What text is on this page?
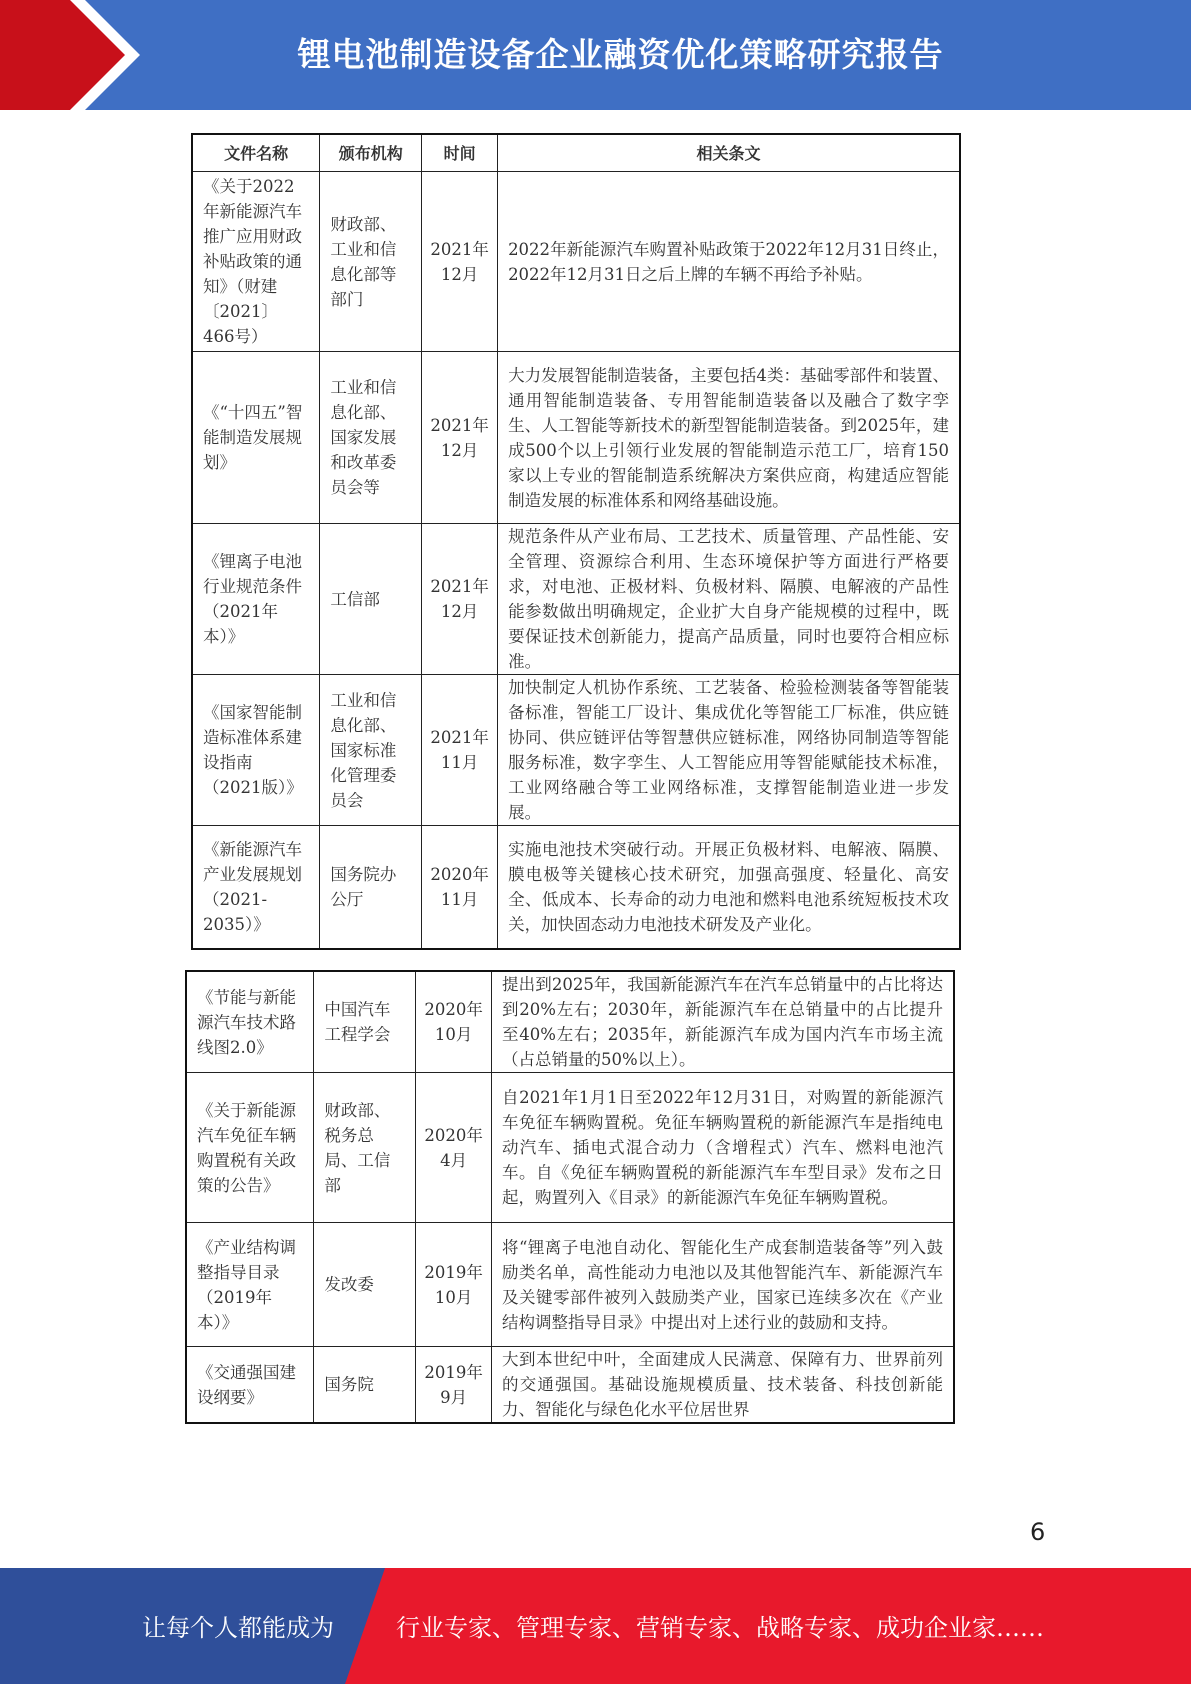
锂电池制造设备企业融资优化策略研究报告
文件名称	颁布机构	时间	相关条文
《关于2022年新能源汽车推广应用财政补贴政策的通知》（财建〔2021〕466号）	财政部、工业和信息化部等部门	2021年12月	2022年新能源汽车购置补贴政策于2022年12月31日终止，2022年12月31日之后上牌的车辆不再给予补贴。
《“十四五”智能制造发展规划》	工业和信息化部、国家发展和改革委员会等	2021年12月	大力发展智能制造装备，主要包括4类：基础零部件和装置、通用智能制造装备、专用智能制造装备以及融合了数字孪生、人工智能等新技术的新型智能制造装备。到2025年，建成500个以上引领行业发展的智能制造示范工厂，培育150家以上专业的智能制造系统解决方案供应商，构建适应智能制造发展的标准体系和网络基础设施。
《锂离子电池行业规范条件（2021年本）》	工信部	2021年12月	规范条件从产业布局、工艺技术、质量管理、产品性能、安全管理、资源综合利用、生态环境保护等方面进行严格要求，对电池、正极材料、负极材料、隔膜、电解液的产品性能参数做出明确规定，企业扩大自身产能规模的过程中，既要保证技术创新能力，提高产品质量，同时也要符合相应标准。
《国家智能制造标准体系建设指南（2021版）》	工业和信息化部、国家标准化管理委员会	2021年11月	加快制定人机协作系统、工艺装备、检验检测装备等智能装备标准，智能工厂设计、集成优化等智能工厂标准，供应链协同、供应链评估等智慧供应链标准，网络协同制造等智能服务标准，数字孪生、人工智能应用等智能赋能技术标准，工业网络融合等工业网络标准，支撑智能制造业进一步发展。
《新能源汽车产业发展规划（2021-2035）》	国务院办公厅	2020年11月	实施电池技术突破行动。开展正负极材料、电解液、隔膜、膜电极等关键核心技术研究，加强高强度、轻量化、高安全、低成本、长寿命的动力电池和燃料电池系统短板技术攻关，加快固态动力电池技术研发及产业化。
《节能与新能源汽车技术路线图2.0》	中国汽车工程学会	2020年10月	提出到2025年，我国新能源汽车在汽车总销量中的占比将达到20%左右；2030年，新能源汽车在总销量中的占比提升至40%左右；2035年，新能源汽车成为国内汽车市场主流（占总销量的50%以上）。
《关于新能源汽车免征车辆购置税有关政策的公告》	财政部、税务总局、工信部	2020年4月	自2021年1月1日至2022年12月31日，对购置的新能源汽车免征车辆购置税。免征车辆购置税的新能源汽车是指纯电动汽车、插电式混合动力（含增程式）汽车、燃料电池汽车。自《免征车辆购置税的新能源汽车车型目录》发布之日起，购置列入《目录》的新能源汽车免征车辆购置税。
《产业结构调整指导目录（2019年本）》	发改委	2019年10月	将“锂离子电池自动化、智能化生产成套制造装备等”列入鼓励类名单，高性能动力电池以及其他智能汽车、新能源汽车及关键零部件被列入鼓励类产业，国家已连续多次在《产业结构调整指导目录》中提出对上述行业的鼓励和支持。
《交通强国建设纲要》	国务院	2019年9月	大到本世纪中叶，全面建成人民满意、保障有力、世界前列的交通强国。基础设施规模质量、技术装备、科技创新能力、智能化与绿色化水平位居世界
6
让每个人都能成为	行业专家、管理专家、营销专家、战略专家、成功企业家……
